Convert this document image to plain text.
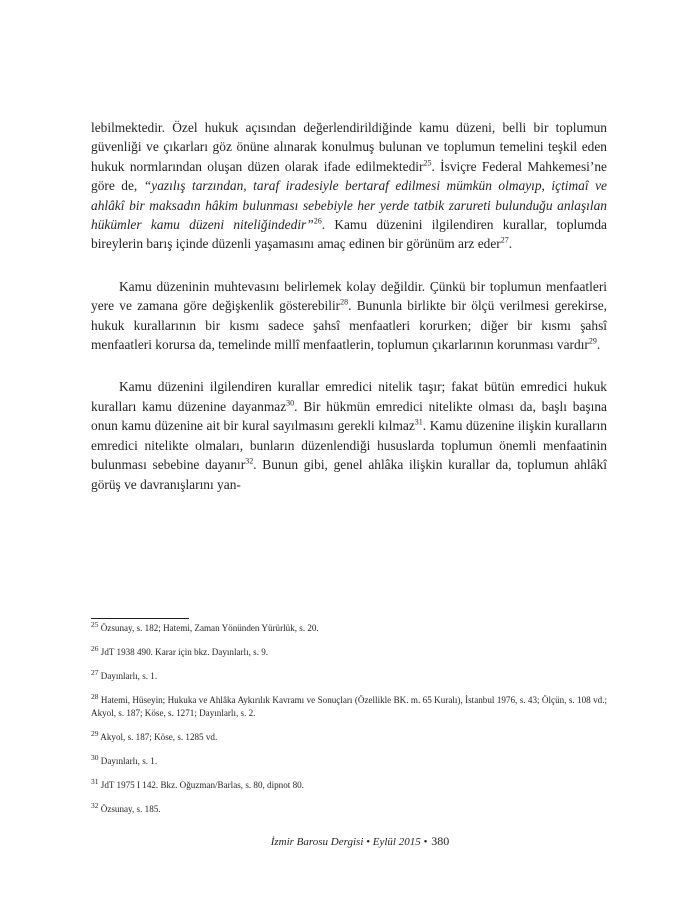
lebilmektedir. Özel hukuk açısından değerlendirildiğinde kamu düzeni, belli bir toplumun güvenliği ve çıkarları göz önüne alınarak konulmuş bulunan ve toplumun temelini teşkil eden hukuk normlarından oluşan düzen olarak ifade edilmektedir$^{25}$. İsviçre Federal Mahkemesi’ne göre de, “yazılış tarzından, taraf iradesiyle bertaraf edilmesi mümkün olmayıp, içtimaî ve ahlâkî bir maksadın hâkim bulunması sebebiyle her yerde tatbik zarureti bulunduğu anlaşılan hükümler kamu düzeni niteliğindedir”$^{26}$. Kamu düzenini ilgilendiren kurallar, toplumda bireylerin barış içinde düzenli yaşamasını amaç edinen bir görünüm arz eder$^{27}$.

Kamu düzeninin muhtevasını belirlemek kolay değildir. Çünkü bir toplumun menfaatleri yere ve zamana göre değişkenlik gösterebilir$^{28}$. Bununla birlikte bir ölçü verilmesi gerekirse, hukuk kurallarının bir kısmı sadece şahsî menfaatleri korurken; diğer bir kısmı şahsî menfaatleri korursa da, temelinde millî menfaatlerin, toplumun çıkarlarının korunması vardır$^{29}$.

Kamu düzenini ilgilendiren kurallar emredici nitelik taşır; fakat bütün emredici hukuk kuralları kamu düzenine dayanmaz$^{30}$. Bir hükmün emredici nitelikte olması da, başlı başına onun kamu düzenine ait bir kural sayılmasını gerekli kılmaz$^{31}$. Kamu düzenine ilişkin kuralların emredici nitelikte olmaları, bunların düzenlendiği hususlarda toplumun önemli menfaatinin bulunması sebebine dayanır$^{32}$. Bunun gibi, genel ahlâka ilişkin kurallar da, toplumun ahlâkî görüş ve davranışlarını yan-

$^{25}$ Özsunay, s. 182; Hatemi, Zaman Yönünden Yürürlük, s. 20.

$^{26}$ JdT 1938 490. Karar için bkz. Dayınlarlı, s. 9.

$^{27}$ Dayınlarlı, s. 1.

$^{28}$ Hatemi, Hüseyin; Hukuka ve Ahlâka Aykırılık Kavramı ve Sonuçları (Özellikle BK. m. 65 Kuralı), İstanbul 1976, s. 43; Ölçün, s. 108 vd.; Akyol, s. 187; Köse, s. 1271; Dayınlarlı, s. 2.

$^{29}$ Akyol, s. 187; Köse, s. 1285 vd.

$^{30}$ Dayınlarlı, s. 1.

$^{31}$ JdT 1975 I 142. Bkz. Oğuzman/Barlas, s. 80, dipnot 80.

$^{32}$ Özsunay, s. 185.

İzmir Barosu Dergisi • Eylül 2015 • 380
